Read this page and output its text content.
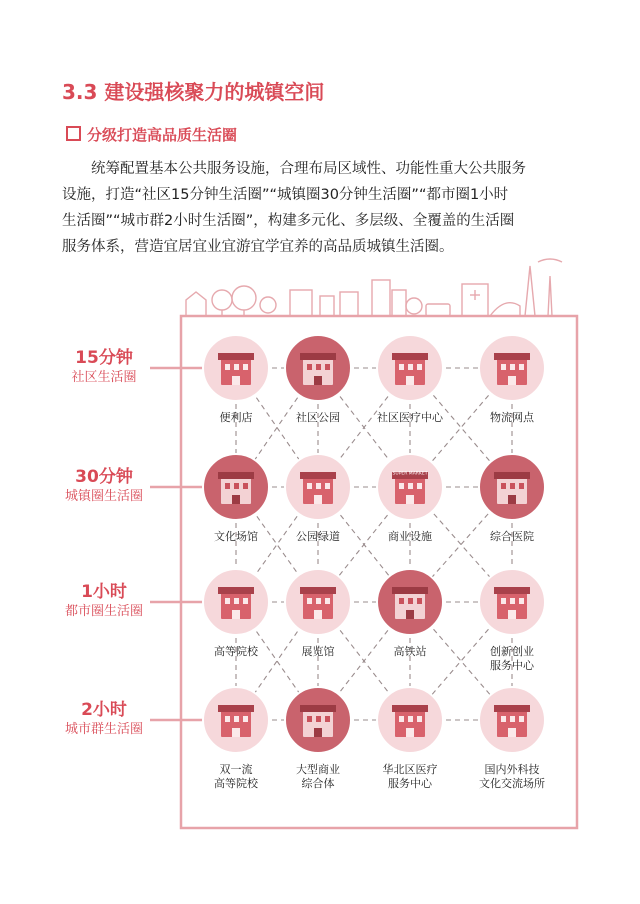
3.3 建设强核聚力的城镇空间
分级打造高品质生活圈
统筹配置基本公共服务设施，合理布局区域性、功能性重大公共服务
设施，打造“社区15分钟生活圈”“城镇圈30分钟生活圈”“都市圈1小时
生活圈”“城市群2小时生活圈”，构建多元化、多层级、全覆盖的生活圈
服务体系，营造宜居宜业宜游宜学宜养的高品质城镇生活圈。
SUPER MARKET
15分钟
社区生活圈
30分钟
城镇圈生活圈
1小时
都市圈生活圈
2小时
城市群生活圈
便利店	社区公园	社区医疗中心	物流网点
文化场馆	公园绿道	商业设施	综合医院
高等院校	展览馆	高铁站	创新创业
服务中心
双一流
高等院校
大型商业
综合体
华北区医疗
服务中心
国内外科技
文化交流场所
